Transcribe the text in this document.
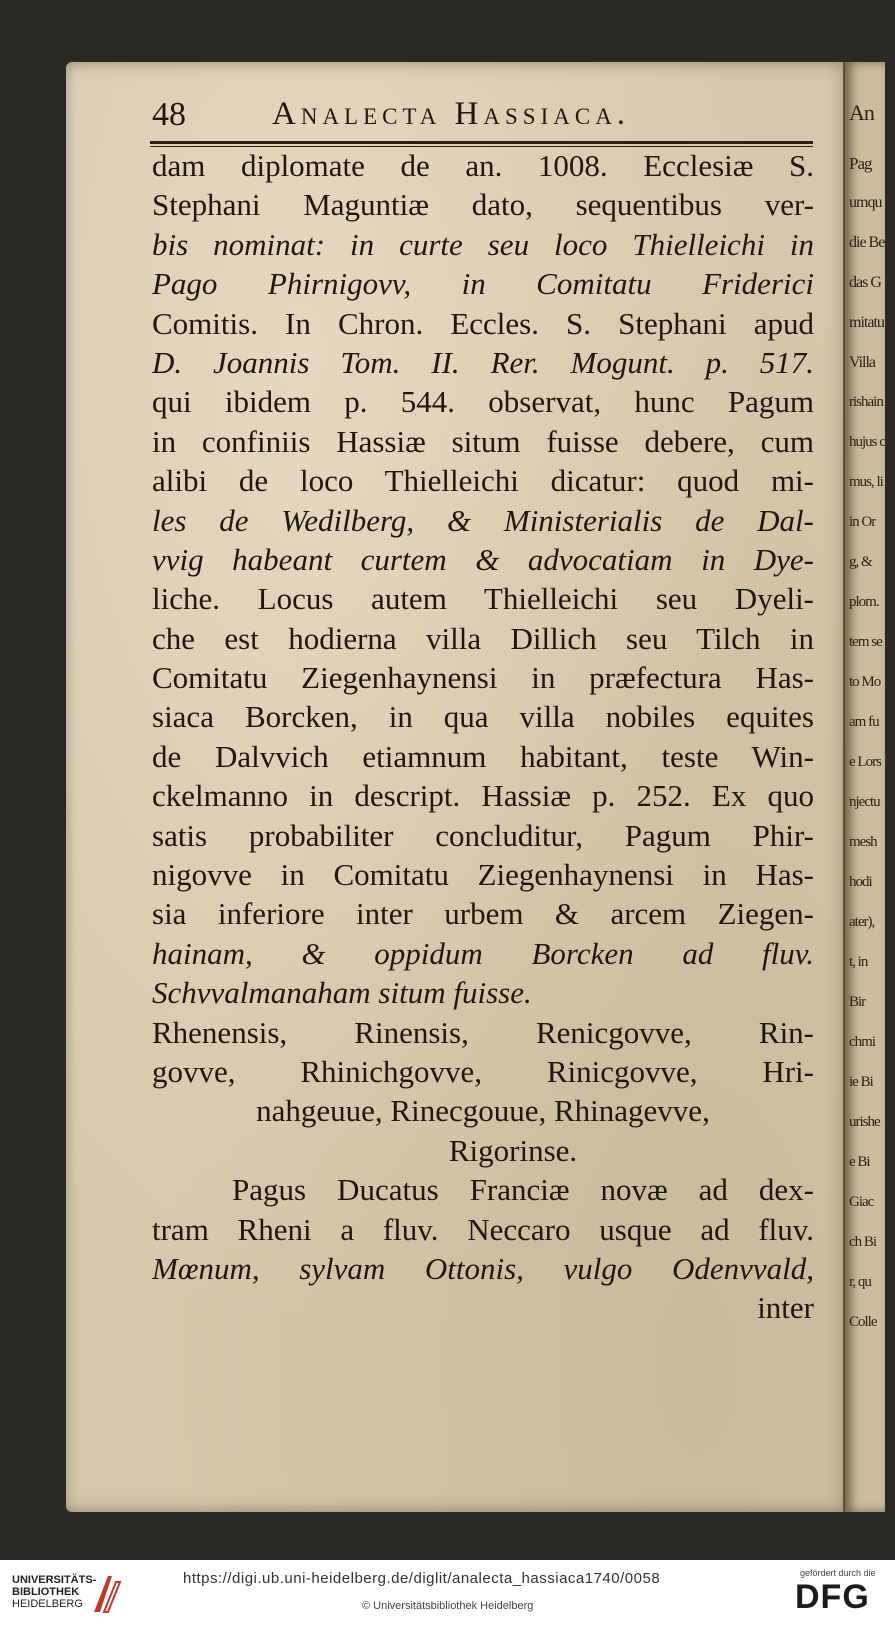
An
Pag
umqu
die Be
das G
mitatu
Villa
rishain
hujus c
mus, li
in Or
g, &
plom.
tem se
to Mo
am fu
e Lors
njectu
mesh
hodi
ater),
t, in
Bir
chmi
ie Bi
urishe
e Bi
Giac
ch Bi
r, qu
Colle
48	Analecta Hassiaca.
dam diplomate de an. 1008. Ecclesiæ S.
Stephani Maguntiæ dato, sequentibus ver-
bis nominat: in curte seu loco Thielleichi in
Pago Phirnigovv, in Comitatu Friderici
Comitis. In Chron. Eccles. S. Stephani apud
D. Joannis Tom. II. Rer. Mogunt. p. 517.
qui ibidem p. 544. observat, hunc Pagum
in confiniis Hassiæ situm fuisse debere, cum
alibi de loco Thielleichi dicatur: quod mi-
les de Wedilberg, & Ministerialis de Dal-
vvig habeant curtem & advocatiam in Dye-
liche. Locus autem Thielleichi seu Dyeli-
che est hodierna villa Dillich seu Tilch in
Comitatu Ziegenhaynensi in præfectura Has-
siaca Borcken, in qua villa nobiles equites
de Dalvvich etiamnum habitant, teste Win-
ckelmanno in descript. Hassiæ p. 252. Ex quo
satis probabiliter concluditur, Pagum Phir-
nigovve in Comitatu Ziegenhaynensi in Has-
sia inferiore inter urbem & arcem Ziegen-
hainam, & oppidum Borcken ad fluv.
Schvvalmanaham situm fuisse.
Rhenensis, Rinensis, Renicgovve, Rin-
govve, Rhinichgovve, Rinicgovve, Hri-
nahgeuue, Rinecgouue, Rhinagevve,
Rigorinse.
Pagus Ducatus Franciæ novæ ad dex-
tram Rheni a fluv. Neccaro usque ad fluv.
Mœnum, sylvam Ottonis, vulgo Odenvvald,
inter
UNIVERSITÄTS-
BIBLIOTHEK
HEIDELBERG
https://digi.ub.uni-heidelberg.de/diglit/analecta_hassiaca1740/0058
© Universitätsbibliothek Heidelberg
gefördert durch die
DFG
